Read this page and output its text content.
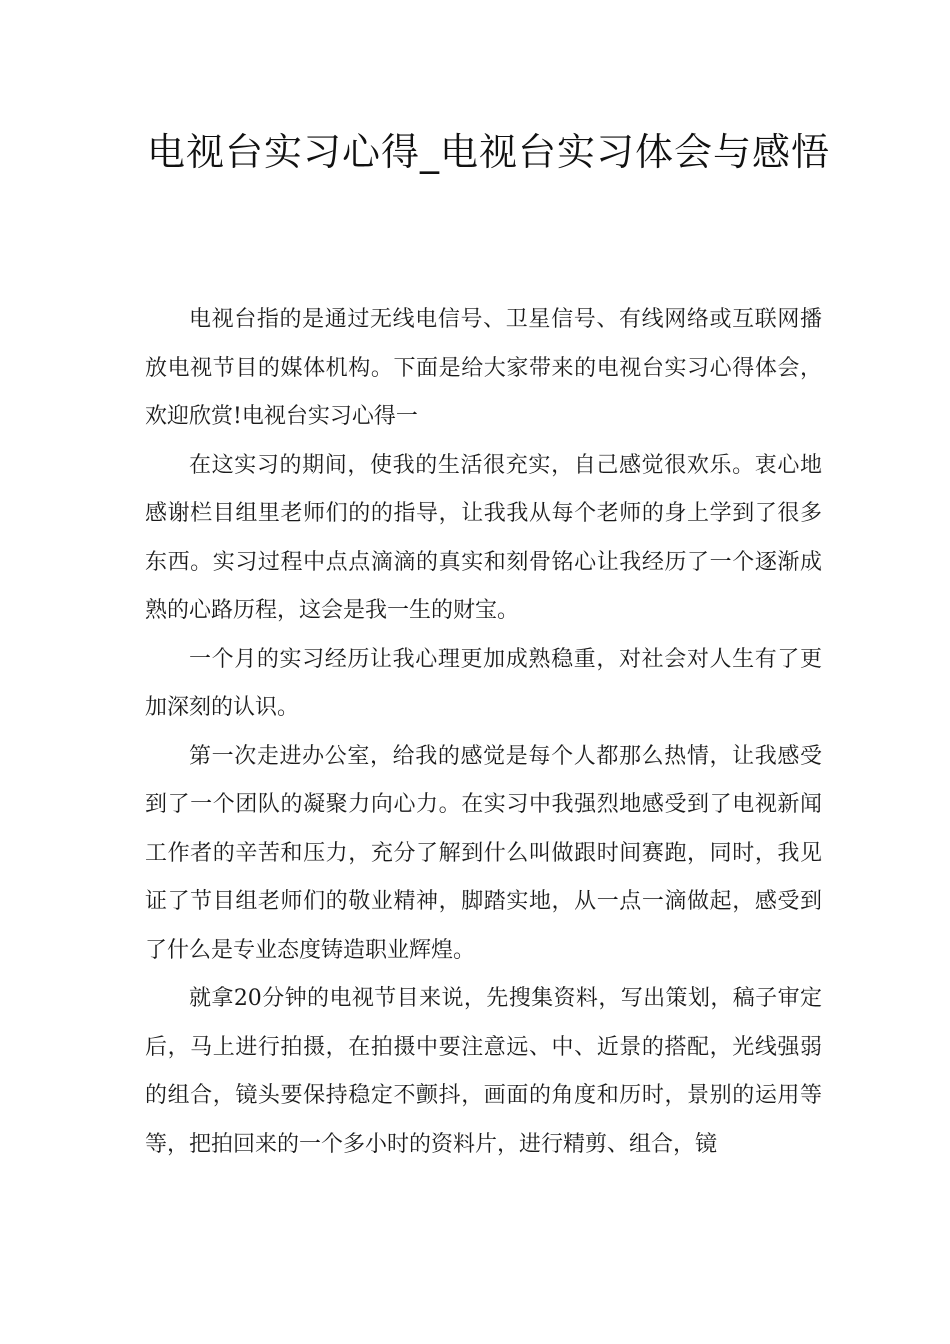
电视台实习心得_电视台实习体会与感悟

电视台指的是通过无线电信号、卫星信号、有线网络或互联网播放电视节目的媒体机构。下面是给大家带来的电视台实习心得体会，欢迎欣赏!电视台实习心得一

在这实习的期间，使我的生活很充实，自己感觉很欢乐。衷心地感谢栏目组里老师们的的指导，让我我从每个老师的身上学到了很多东西。实习过程中点点滴滴的真实和刻骨铭心让我经历了一个逐渐成熟的心路历程，这会是我一生的财宝。

一个月的实习经历让我心理更加成熟稳重，对社会对人生有了更加深刻的认识。

第一次走进办公室，给我的感觉是每个人都那么热情，让我感受到了一个团队的凝聚力向心力。在实习中我强烈地感受到了电视新闻工作者的辛苦和压力，充分了解到什么叫做跟时间赛跑，同时，我见证了节目组老师们的敬业精神，脚踏实地，从一点一滴做起，感受到了什么是专业态度铸造职业辉煌。

就拿20分钟的电视节目来说，先搜集资料，写出策划，稿子审定后，马上进行拍摄，在拍摄中要注意远、中、近景的搭配，光线强弱的组合，镜头要保持稳定不颤抖，画面的角度和历时，景别的运用等等，把拍回来的一个多小时的资料片，进行精剪、组合，镜
